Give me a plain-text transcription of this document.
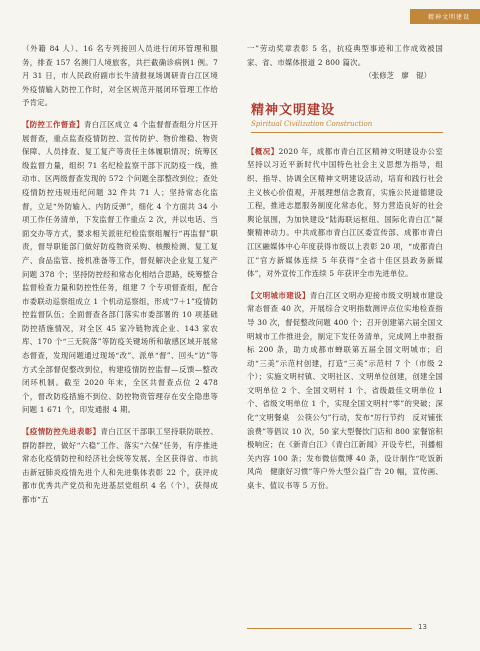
精神文明建设

（外籍 84 人）、16 名专列接回人员进行闭环管理和服务，排查 157 名澳门人境旅客，共拦截确诊病例1 例。7 月 31 日，市人民政府副市长牛清报视场调研青白江区境外疫情输入防控工作时，对全区规范开展闭环管理工作给予肯定。

【防控工作督查】青白江区成立 4 个监督督查组分片区开展督查，重点监查疫情防控、宣传防护、物价维稳、物资保障、人员排查、复工复产等责任主体履职情况；统筹区级监督力量，组织 71 名纪检监察干部下沉防疫一线，推动市、区两级督查发现的 572 个问题全部整改到位；查处疫情防控违规违纪问题 32 件共 71 人；坚持常态化监督，立足“外防输入、内防反弹”，细化 4 个方面共 34 小项工作任务清单，下发监督工作重点 2 次，并以电话、当面交办等方式，要求相关派驻纪检监察组履行“再监督”职责，督导职能部门做好防疫物资采购、核酸检测、复工复产、食品监管、接机准备等工作，督促解决企业复工复产问题 378 个；坚持防控经和常态化相结合思路，统筹整合监督检查力量和防控性任务，组建 7 个专项督查组，配合市委联动巡察组成立 1 个机动巡察组，形成“7＋1”疫情防控监督队伍；全面督查各部门落实市委部署的 10 项基础防控措施情况，对全区 45 家冷链物流企业、143 家农库、170 个“三无院落”等防疫关键场所和敏感区域开展常态督查，发现问题通过现场“改”、派单“督”、回头“访”等方式全部督促整改到位，构建疫情防控监督—反馈—整改闭环机制。截至 2020 年末，全区共督查点位 2 478 个，督改防疫措施不到位、防控物资管理存在安全隐患等问题 1 671 个，印发通报 4 期。

【疫情防控先进表彰】青白江区干部职工坚持联防联控、群防群控，做好“六稳”工作、落实“六保”任务，有序推进常态化疫情防控和经济社会统等发展。全区获得省、市抗击新冠肺炎疫情先进个人和先进集体表彰 22 个，获评成都市优秀共产党员和先进基层党组织 4 名（个），获得成都市“五

一”劳动奖章表彰 5 名，抗疫典型事迹和工作成效被国家、省、市媒体报道 2 800 篇次。

（张修芝　廖　锟）

精神文明建设
Spiritual Civilization Construction

【概况】2020 年，成都市青白江区精神文明建设办公室坚持以习近平新时代中国特色社会主义思想为指导，组织、指导、协调全区精神文明建设活动，培育和践行社会主义核心价值观，开展理想信念教育，实施公民道德建设工程，推进志愿服务制度化常态化，努力营造良好的社会舆论氛围，为加快建设“陆海联运枢纽、国际化青白江”凝聚精神动力。中共成都市青白江区委宣传部、成都市青白江区融媒体中心年度获得市级以上表彰 20 项，“成都青白江”官方新媒体连续 5 年获得“全省十佳区县政务新媒体”，对外宣传工作连续 5 年获评全市先进单位。

【文明城市建设】青白江区文明办迎接市级文明城市建设常态督查 40 次，开展综合文明指数测评点位实地检查指导 30 次，督促整改问题 400 个；召开创建第六届全国文明城市工作推进会，制定下发任务清单，完成网上申报指标 200 条，助力成都市蝉联第五届全国文明城市；启动“三美”示范村创建，打造“三美”示范村 7 个（市级 2 个）；实施文明村镇、文明社区、文明单位创建，创建全国文明单位 2 个、全国文明村 1 个、省级最佳文明单位 1 个、省级文明单位 1 个，实现全国文明村“零”的突破；深化“文明餐桌　公筷公勺”行动，发布“厉行节约　反对铺张浪费”等倡议 10 次，50 家大型餐饮门店和 800 家餐馆积极响应；在《新青白江》《青白江新闻》开设专栏，刊播相关内容 100 条；发布微信微博 40 条，设计制作“吃饭新风尚　健康好习惯”等户外大型公益广告 20 幅，宣传画、桌卡、值议书等 5 万份。

13
